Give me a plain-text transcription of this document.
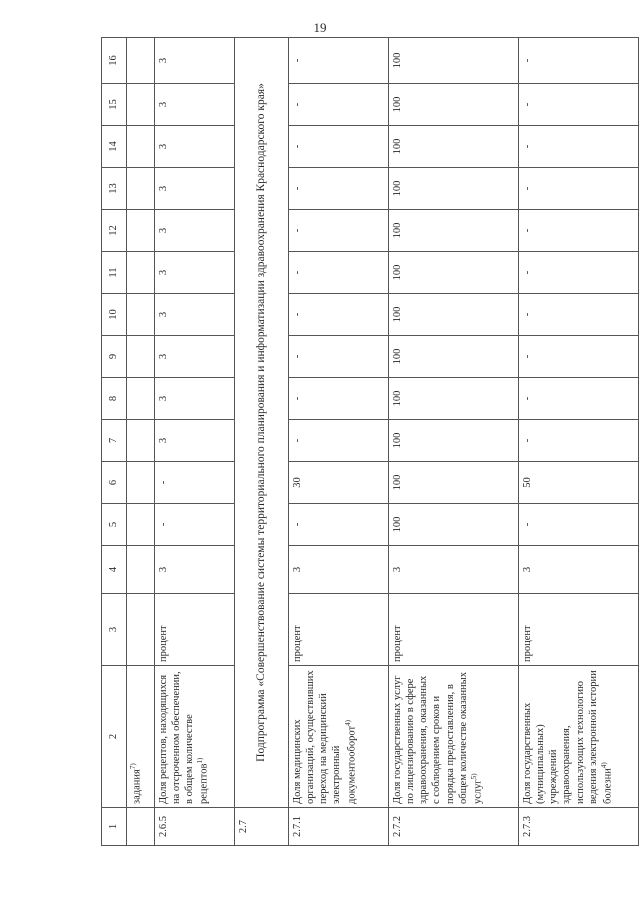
19
1	2	3	4	5	6	7	8	9	10	11	12	13	14	15	16
	задания$^{7)}$														
2.6.5	Доля рецептов, находящихся на отсроченном обеспечении, в общем количестве рецептов$^{1)}$	процент	3	-	-	3	3	3	3	3	3	3	3	3	3
2.7	Подпрограмма «Совершенствование системы территориального планирования и информатизации здравоохранения Краснодарского края»														
2.7.1	Доля медицинских организаций, осуществивших переход на медицинский электронный документооборот$^{4)}$	процент	3	-	30	-	-	-	-	-	-	-	-	-	-
2.7.2	Доля государственных услуг по лицензированию в сфере здравоохранения, оказанных с соблюдением сроков и порядка предоставления, в общем количестве оказанных услуг$^{5)}$	процент	3	100	100	100	100	100	100	100	100	100	100	100	100
2.7.3	Доля государственных (муниципальных) учреждений здравоохранения, использующих технологию ведения электронной истории болезни$^{4)}$	процент	3	-	50	-	-	-	-	-	-	-	-	-	-
